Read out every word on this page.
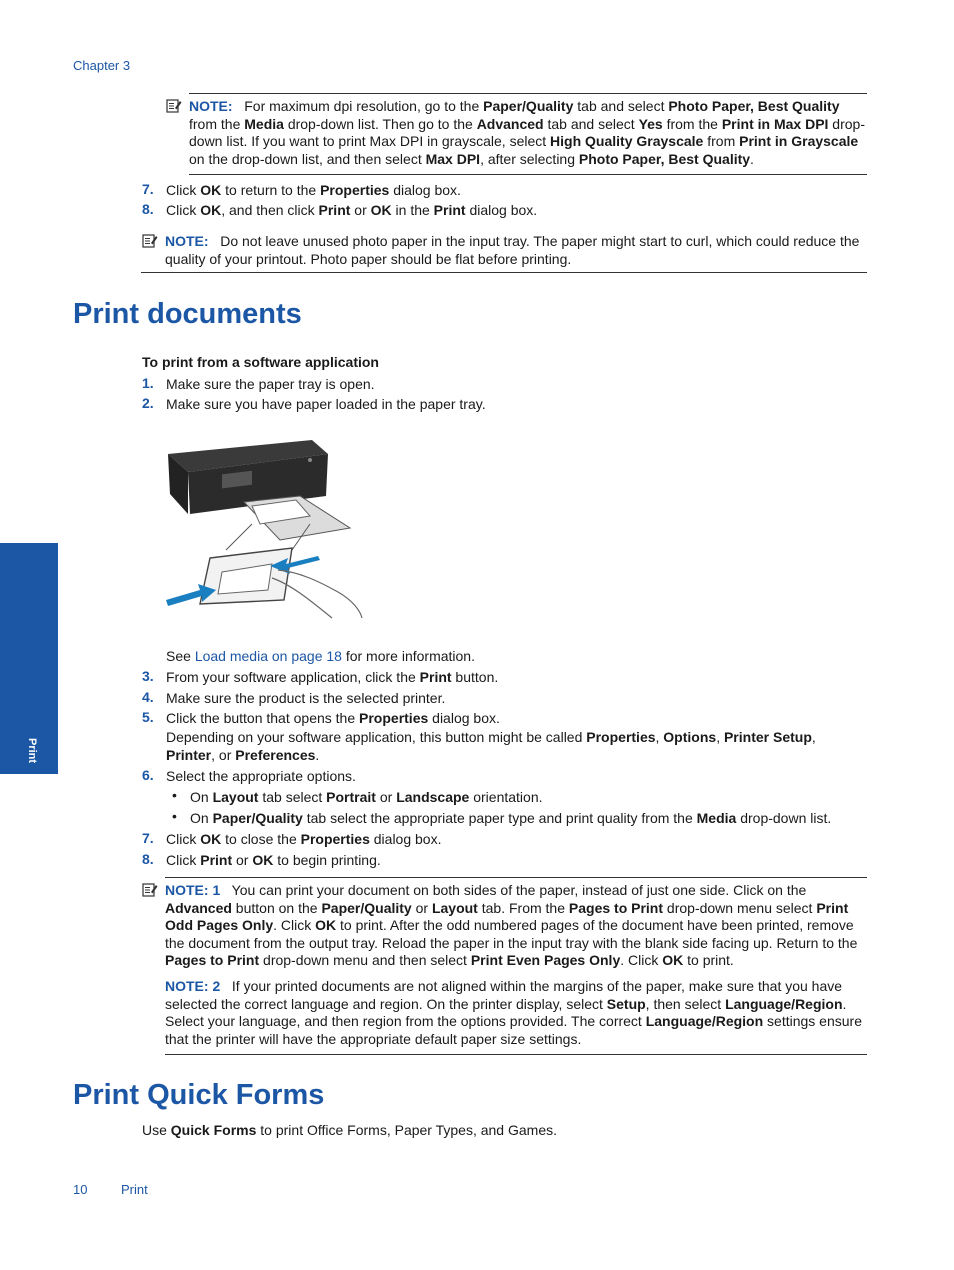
Chapter 3
Print
NOTE: For maximum dpi resolution, go to the Paper/Quality tab and select Photo Paper, Best Quality from the Media drop-down list. Then go to the Advanced tab and select Yes from the Print in Max DPI drop-down list. If you want to print Max DPI in grayscale, select High Quality Grayscale from Print in Grayscale on the drop-down list, and then select Max DPI, after selecting Photo Paper, Best Quality.
7. Click OK to return to the Properties dialog box.
8. Click OK, and then click Print or OK in the Print dialog box.
NOTE: Do not leave unused photo paper in the input tray. The paper might start to curl, which could reduce the quality of your printout. Photo paper should be flat before printing.
Print documents
To print from a software application
1. Make sure the paper tray is open.
2. Make sure you have paper loaded in the paper tray.
See Load media on page 18 for more information.
3. From your software application, click the Print button.
4. Make sure the product is the selected printer.
5. Click the button that opens the Properties dialog box.
Depending on your software application, this button might be called Properties, Options, Printer Setup, Printer, or Preferences.
6. Select the appropriate options.
• On Layout tab select Portrait or Landscape orientation.
• On Paper/Quality tab select the appropriate paper type and print quality from the Media drop-down list.
7. Click OK to close the Properties dialog box.
8. Click Print or OK to begin printing.
NOTE: 1 You can print your document on both sides of the paper, instead of just one side. Click on the Advanced button on the Paper/Quality or Layout tab. From the Pages to Print drop-down menu select Print Odd Pages Only. Click OK to print. After the odd numbered pages of the document have been printed, remove the document from the output tray. Reload the paper in the input tray with the blank side facing up. Return to the Pages to Print drop-down menu and then select Print Even Pages Only. Click OK to print.
NOTE: 2 If your printed documents are not aligned within the margins of the paper, make sure that you have selected the correct language and region. On the printer display, select Setup, then select Language/Region. Select your language, and then region from the options provided. The correct Language/Region settings ensure that the printer will have the appropriate default paper size settings.
Print Quick Forms
Use Quick Forms to print Office Forms, Paper Types, and Games.
10	Print
